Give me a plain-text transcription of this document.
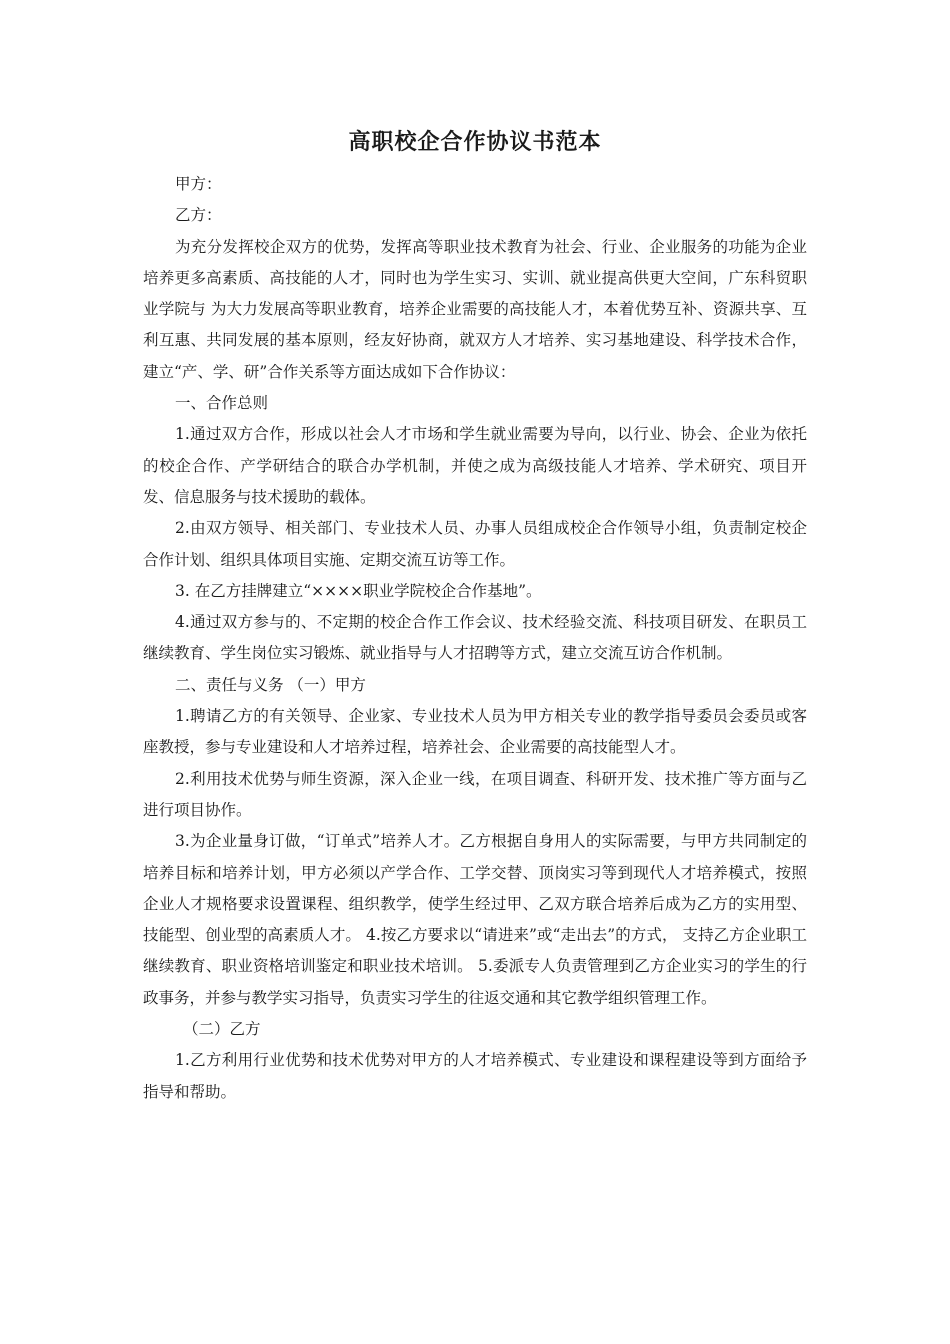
高职校企合作协议书范本

甲方：

乙方：

为充分发挥校企双方的优势，发挥高等职业技术教育为社会、行业、企业服务的功能为企业培养更多高素质、高技能的人才，同时也为学生实习、实训、就业提高供更大空间，广东科贸职业学院与 为大力发展高等职业教育，培养企业需要的高技能人才，本着优势互补、资源共享、互利互惠、共同发展的基本原则，经友好协商，就双方人才培养、实习基地建设、科学技术合作，建立“产、学、研”合作关系等方面达成如下合作协议：

一、合作总则

1.通过双方合作，形成以社会人才市场和学生就业需要为导向，以行业、协会、企业为依托的校企合作、产学研结合的联合办学机制，并使之成为高级技能人才培养、学术研究、项目开发、信息服务与技术援助的载体。

2.由双方领导、相关部门、专业技术人员、办事人员组成校企合作领导小组，负责制定校企合作计划、组织具体项目实施、定期交流互访等工作。

3. 在乙方挂牌建立“××××职业学院校企合作基地”。

4.通过双方参与的、不定期的校企合作工作会议、技术经验交流、科技项目研发、在职员工继续教育、学生岗位实习锻炼、就业指导与人才招聘等方式，建立交流互访合作机制。

二、责任与义务 （一）甲方

1.聘请乙方的有关领导、企业家、专业技术人员为甲方相关专业的教学指导委员会委员或客座教授，参与专业建设和人才培养过程，培养社会、企业需要的高技能型人才。

2.利用技术优势与师生资源，深入企业一线，在项目调查、科研开发、技术推广等方面与乙进行项目协作。

3.为企业量身订做，“订单式”培养人才。乙方根据自身用人的实际需要，与甲方共同制定的培养目标和培养计划，甲方必须以产学合作、工学交替、顶岗实习等到现代人才培养模式，按照企业人才规格要求设置课程、组织教学，使学生经过甲、乙双方联合培养后成为乙方的实用型、技能型、创业型的高素质人才。 4.按乙方要求以“请进来”或“走出去”的方式， 支持乙方企业职工继续教育、职业资格培训鉴定和职业技术培训。 5.委派专人负责管理到乙方企业实习的学生的行政事务，并参与教学实习指导，负责实习学生的往返交通和其它教学组织管理工作。

（二）乙方

1.乙方利用行业优势和技术优势对甲方的人才培养模式、专业建设和课程建设等到方面给予指导和帮助。
